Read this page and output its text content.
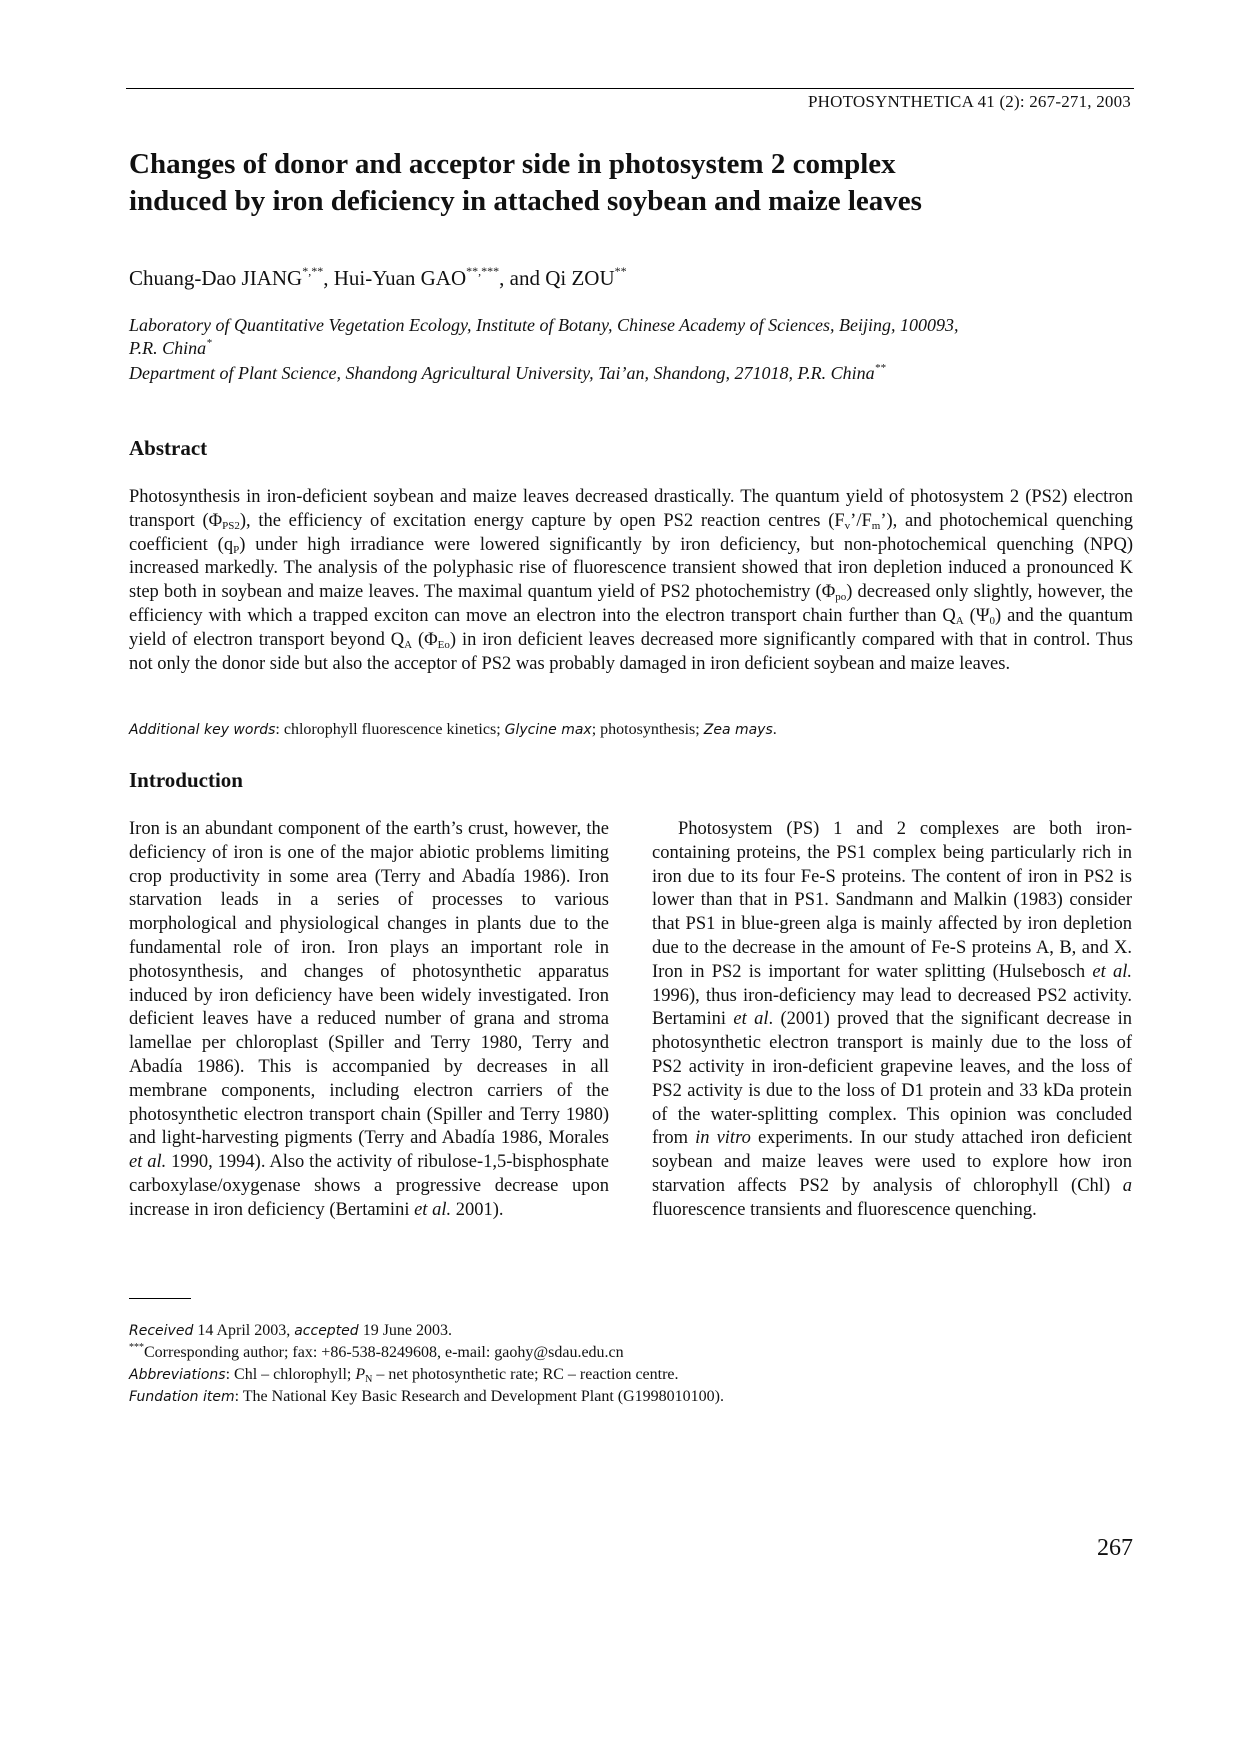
PHOTOSYNTHETICA 41 (2): 267-271, 2003
Changes of donor and acceptor side in photosystem 2 complex
induced by iron deficiency in attached soybean and maize leaves
Chuang-Dao JIANG*,**, Hui-Yuan GAO**,***, and Qi ZOU**
Laboratory of Quantitative Vegetation Ecology, Institute of Botany, Chinese Academy of Sciences, Beijing, 100093,
P.R. China*
Department of Plant Science, Shandong Agricultural University, Tai’an, Shandong, 271018, P.R. China**
Abstract
Photosynthesis in iron-deficient soybean and maize leaves decreased drastically. The quantum yield of photosystem 2 (PS2) electron transport $(\Phi_{PS2})$, the efficiency of excitation energy capture by open PS2 reaction centres $(F_v’/F_m’)$, and photochemical quenching coefficient $(q_P)$ under high irradiance were lowered significantly by iron deficiency, but non-photochemical quenching (NPQ) increased markedly. The analysis of the polyphasic rise of fluorescence transient showed that iron depletion induced a pronounced K step both in soybean and maize leaves. The maximal quantum yield of PS2 photochemistry $(\Phi_{po})$ decreased only slightly, however, the efficiency with which a trapped exciton can move an electron into the electron transport chain further than $Q_A$ $(\Psi_0)$ and the quantum yield of electron transport beyond $Q_A$ $(\Phi_{Eo})$ in iron deficient leaves decreased more significantly compared with that in control. Thus not only the donor side but also the acceptor of PS2 was probably damaged in iron deficient soybean and maize leaves.
Additional key words: chlorophyll fluorescence kinetics; Glycine max; photosynthesis; Zea mays.
Introduction

Iron is an abundant component of the earth’s crust, however, the deficiency of iron is one of the major abiotic problems limiting crop productivity in some area (Terry and Abadía 1986). Iron starvation leads in a series of processes to various morphological and physiological changes in plants due to the fundamental role of iron. Iron plays an important role in photosynthesis, and changes of photosynthetic apparatus induced by iron deficiency have been widely investigated. Iron deficient leaves have a reduced number of grana and stroma lamellae per chloroplast (Spiller and Terry 1980, Terry and Abadía 1986). This is accompanied by decreases in all membrane components, including electron carriers of the photosynthetic electron transport chain (Spiller and Terry 1980) and light-harvesting pigments (Terry and Abadía 1986, Morales et al. 1990, 1994). Also the activity of ribulose-1,5-bisphosphate carboxylase/oxygenase shows a progressive decrease upon increase in iron deficiency (Bertamini et al. 2001).

Photosystem (PS) 1 and 2 complexes are both iron-containing proteins, the PS1 complex being particularly rich in iron due to its four Fe-S proteins. The content of iron in PS2 is lower than that in PS1. Sandmann and Malkin (1983) consider that PS1 in blue-green alga is mainly affected by iron depletion due to the decrease in the amount of Fe-S proteins A, B, and X. Iron in PS2 is important for water splitting (Hulsebosch et al. 1996), thus iron-deficiency may lead to decreased PS2 activity. Bertamini et al. (2001) proved that the significant decrease in photosynthetic electron transport is mainly due to the loss of PS2 activity in iron-deficient grapevine leaves, and the loss of PS2 activity is due to the loss of D1 protein and 33 kDa protein of the water-splitting complex. This opinion was concluded from in vitro experiments. In our study attached iron deficient soybean and maize leaves were used to explore how iron starvation affects PS2 by analysis of chlorophyll (Chl) a fluorescence transients and fluorescence quenching.

Received 14 April 2003, accepted 19 June 2003.
***Corresponding author; fax: +86-538-8249608, e-mail: gaohy@sdau.edu.cn
Abbreviations: Chl – chlorophyll; $P_N$ – net photosynthetic rate; RC – reaction centre.
Fundation item: The National Key Basic Research and Development Plant (G1998010100).
267
